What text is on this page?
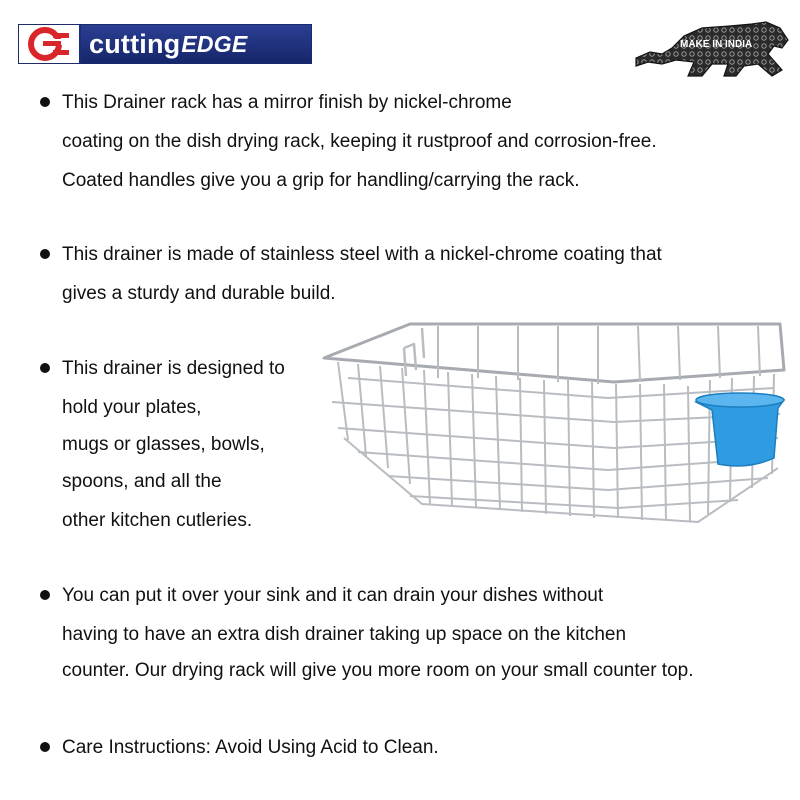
cutting EDGE	MAKE IN INDIA
This Drainer rack has a mirror finish by nickel-chrome
coating on the dish drying rack, keeping it rustproof and corrosion-free.
Coated handles give you a grip for handling/carrying the rack.
This drainer is made of stainless steel with a nickel-chrome coating that
gives a sturdy and durable build.
This drainer is designed to
hold your plates,
mugs or glasses, bowls,
spoons, and all the
other kitchen cutleries.
You can put it over your sink and it can drain your dishes without
having to have an extra dish drainer taking up space on the kitchen
counter. Our drying rack will give you more room on your small counter top.
Care Instructions: Avoid Using Acid to Clean.
